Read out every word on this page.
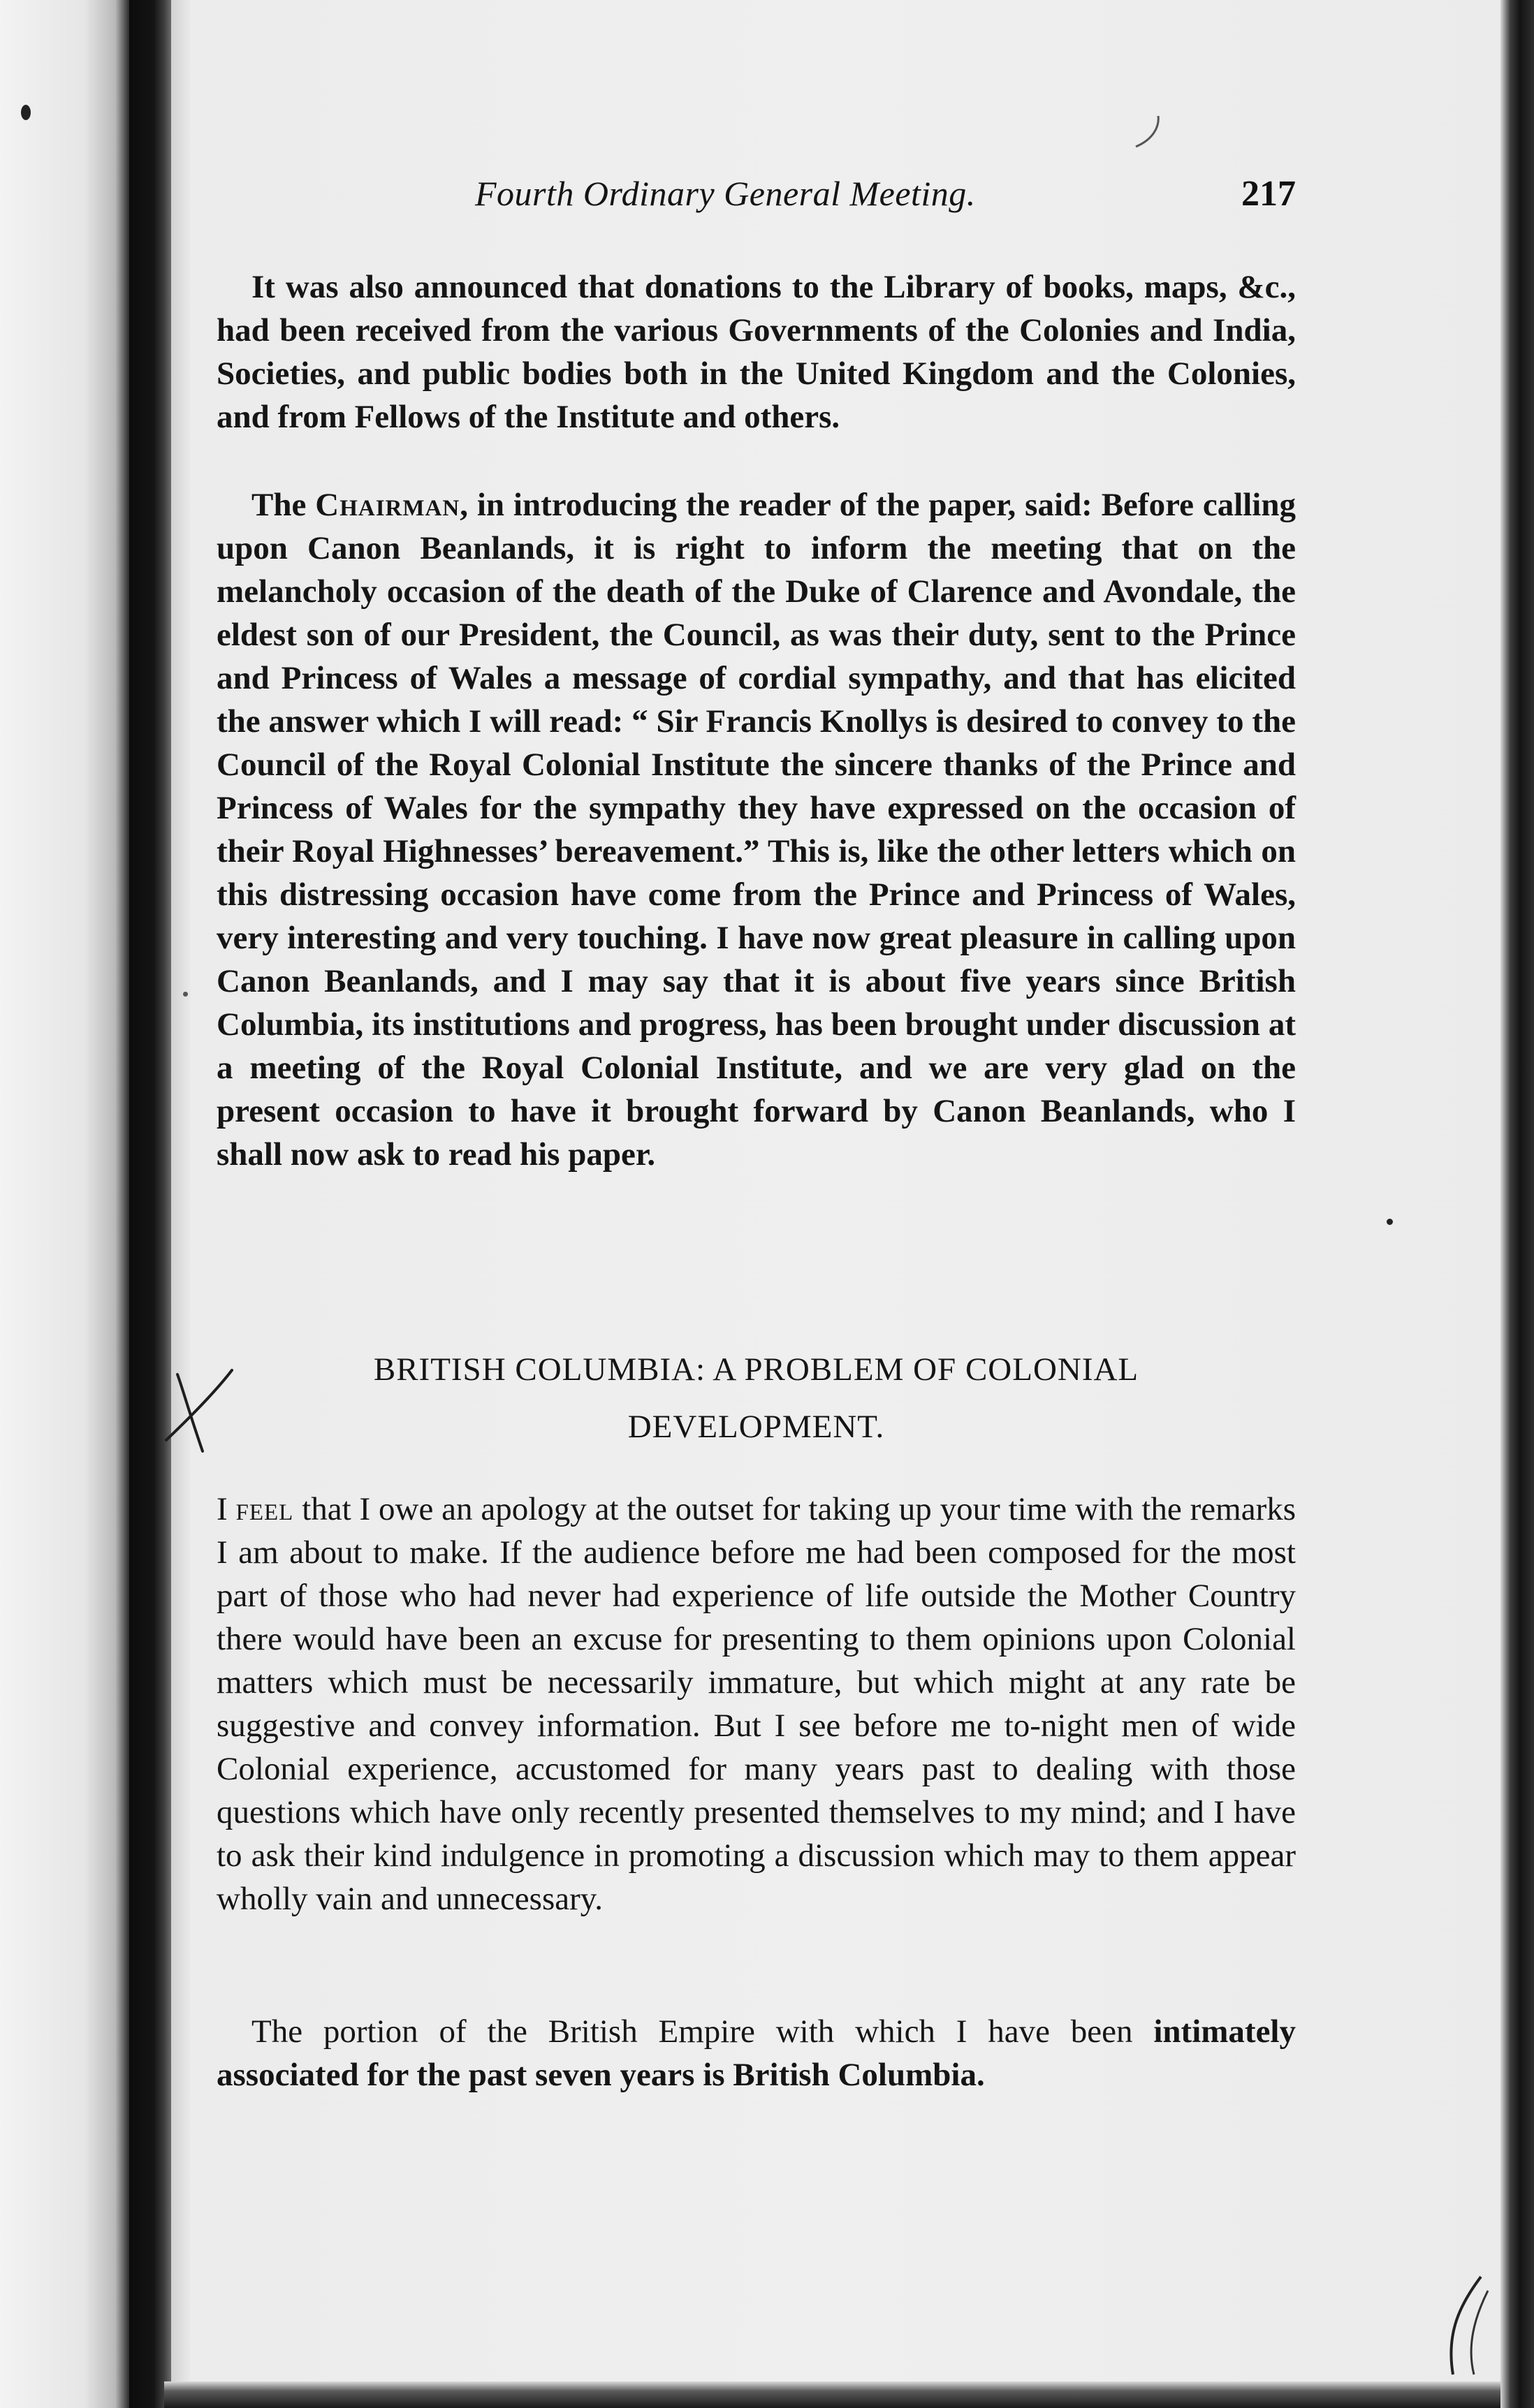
Fourth Ordinary General Meeting.	217

It was also announced that donations to the Library of books, maps, &c., had been received from the various Governments of the Colonies and India, Societies, and public bodies both in the United Kingdom and the Colonies, and from Fellows of the Institute and others.

The Chairman, in introducing the reader of the paper, said: Before calling upon Canon Beanlands, it is right to inform the meeting that on the melancholy occasion of the death of the Duke of Clarence and Avondale, the eldest son of our President, the Council, as was their duty, sent to the Prince and Princess of Wales a message of cordial sympathy, and that has elicited the answer which I will read: “ Sir Francis Knollys is desired to convey to the Council of the Royal Colonial Institute the sincere thanks of the Prince and Princess of Wales for the sympathy they have expressed on the occasion of their Royal Highnesses’ bereavement.” This is, like the other letters which on this distressing occasion have come from the Prince and Princess of Wales, very interesting and very touching. I have now great pleasure in calling upon Canon Beanlands, and I may say that it is about five years since British Columbia, its institutions and progress, has been brought under discussion at a meeting of the Royal Colonial Institute, and we are very glad on the present occasion to have it brought forward by Canon Beanlands, who I shall now ask to read his paper.

BRITISH COLUMBIA: A PROBLEM OF COLONIAL
DEVELOPMENT.

I feel that I owe an apology at the outset for taking up your time with the remarks I am about to make. If the audience before me had been composed for the most part of those who had never had experience of life outside the Mother Country there would have been an excuse for presenting to them opinions upon Colonial matters which must be necessarily immature, but which might at any rate be suggestive and convey information. But I see before me to-night men of wide Colonial experience, accustomed for many years past to dealing with those questions which have only recently presented themselves to my mind; and I have to ask their kind indulgence in promoting a discussion which may to them appear wholly vain and unnecessary.

The portion of the British Empire with which I have been intimately associated for the past seven years is British Columbia.
